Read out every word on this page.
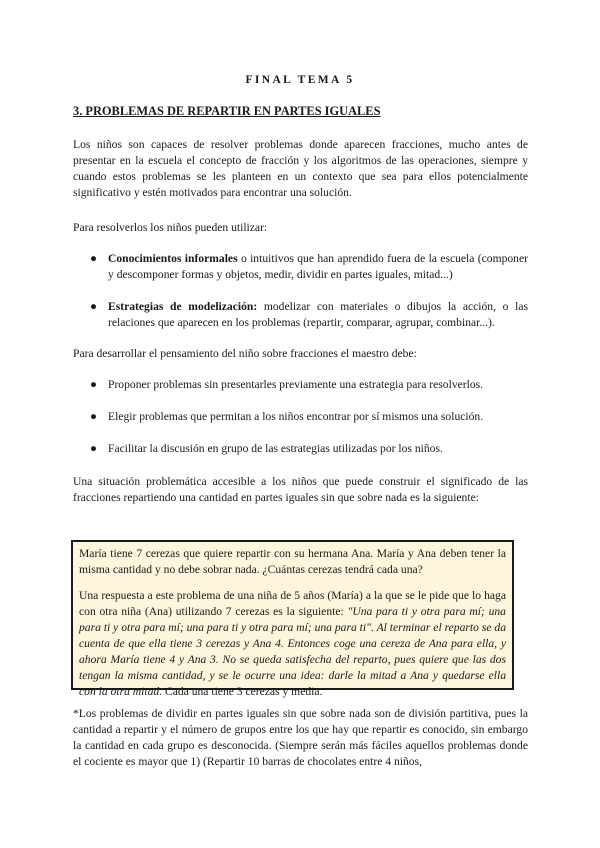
FINAL TEMA 5
3. PROBLEMAS DE REPARTIR EN PARTES IGUALES

Los niños son capaces de resolver problemas donde aparecen fracciones, mucho antes de presentar en la escuela el concepto de fracción y los algoritmos de las operaciones, siempre y cuando estos problemas se les planteen en un contexto que sea para ellos potencialmente significativo y estén motivados para encontrar una solución.

Para resolverlos los niños pueden utilizar:

● Conocimientos informales o intuitivos que han aprendido fuera de la escuela (componer y descomponer formas y objetos, medir, dividir en partes iguales, mitad...)
● Estrategias de modelización: modelizar con materiales o dibujos la acción, o las relaciones que aparecen en los problemas (repartir, comparar, agrupar, combinar...).

Para desarrollar el pensamiento del niño sobre fracciones el maestro debe:

● Proponer problemas sin presentarles previamente una estrategia para resolverlos.
● Elegir problemas que permitan a los niños encontrar por sí mismos una solución.
● Facilitar la discusión en grupo de las estrategias utilizadas por los niños.

Una situación problemática accesible a los niños que puede construir el significado de las fracciones repartiendo una cantidad en partes iguales sin que sobre nada es la siguiente:

María tiene 7 cerezas que quiere repartir con su hermana Ana. María y Ana deben tener la misma cantidad y no debe sobrar nada. ¿Cuántas cerezas tendrá cada una?

Una respuesta a este problema de una niña de 5 años (María) a la que se le pide que lo haga con otra niña (Ana) utilizando 7 cerezas es la siguiente: "Una para ti y otra para mí; una para ti y otra para mí; una para ti y otra para mí; una para ti". Al terminar el reparto se da cuenta de que ella tiene 3 cerezas y Ana 4. Entonces coge una cereza de Ana para ella, y ahora María tiene 4 y Ana 3. No se queda satisfecha del reparto, pues quiere que las dos tengan la misma cantidad, y se le ocurre una idea: darle la mitad a Ana y quedarse ella con la otra mitad. Cada una tiene 3 cerezas y media.

*Los problemas de dividir en partes iguales sin que sobre nada son de división partitiva, pues la cantidad a repartir y el número de grupos entre los que hay que repartir es conocido, sin embargo la cantidad en cada grupo es desconocida. (Siempre serán más fáciles aquellos problemas donde el cociente es mayor que 1) (Repartir 10 barras de chocolates entre 4 niños,
